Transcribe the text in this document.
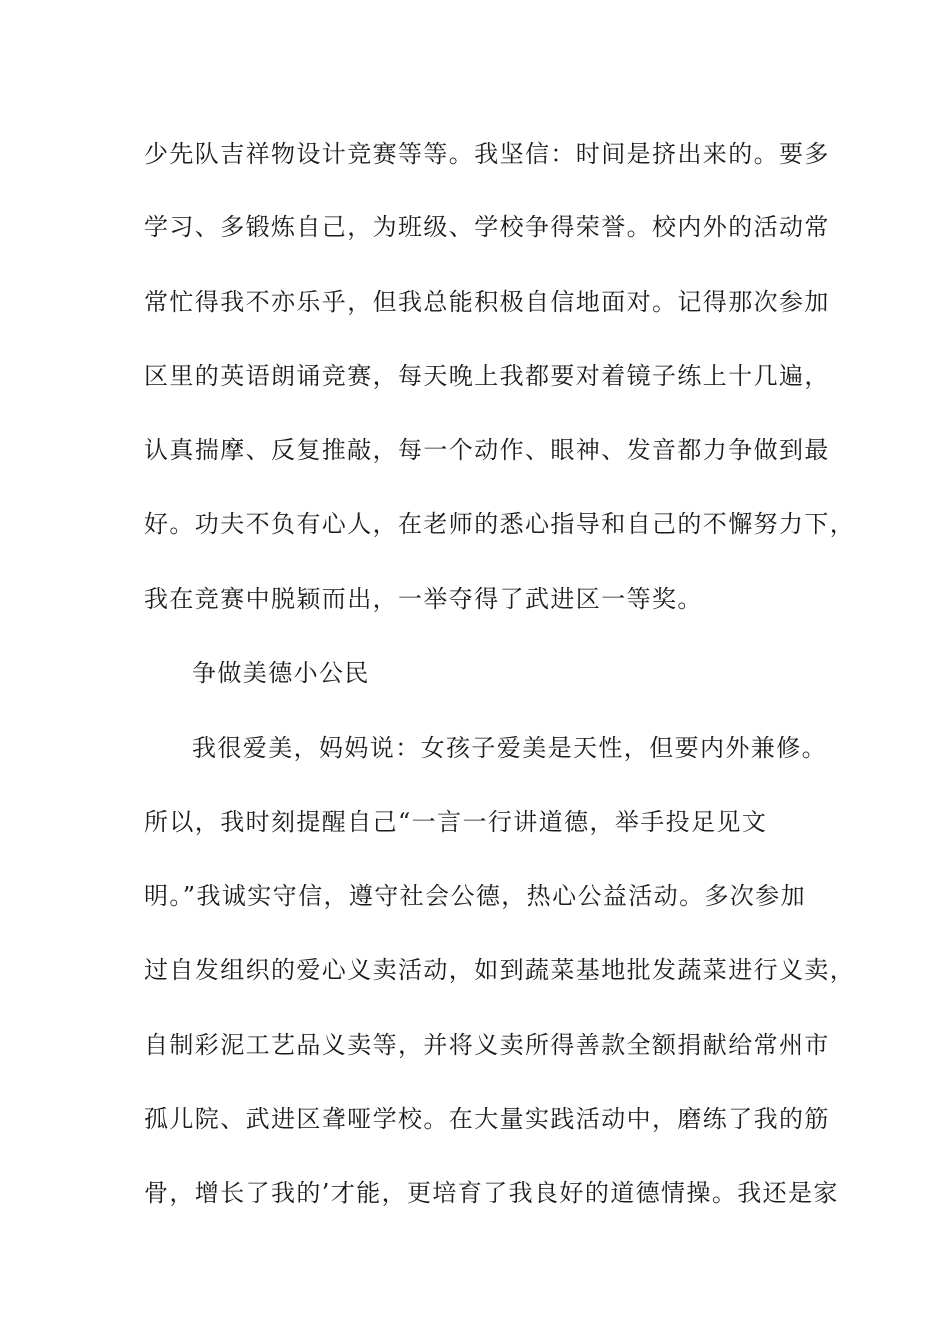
少先队吉祥物设计竞赛等等。我坚信：时间是挤出来的。要多
学习、多锻炼自己，为班级、学校争得荣誉。校内外的活动常
常忙得我不亦乐乎，但我总能积极自信地面对。记得那次参加
区里的英语朗诵竞赛，每天晚上我都要对着镜子练上十几遍，
认真揣摩、反复推敲，每一个动作、眼神、发音都力争做到最
好。功夫不负有心人，在老师的悉心指导和自己的不懈努力下，
我在竞赛中脱颖而出，一举夺得了武进区一等奖。
争做美德小公民
我很爱美，妈妈说：女孩子爱美是天性，但要内外兼修。
所以，我时刻提醒自己“一言一行讲道德，举手投足见文
明。”我诚实守信，遵守社会公德，热心公益活动。多次参加
过自发组织的爱心义卖活动，如到蔬菜基地批发蔬菜进行义卖，
自制彩泥工艺品义卖等，并将义卖所得善款全额捐献给常州市
孤儿院、武进区聋哑学校。在大量实践活动中，磨练了我的筋
骨，增长了我的’才能，更培育了我良好的道德情操。我还是家
